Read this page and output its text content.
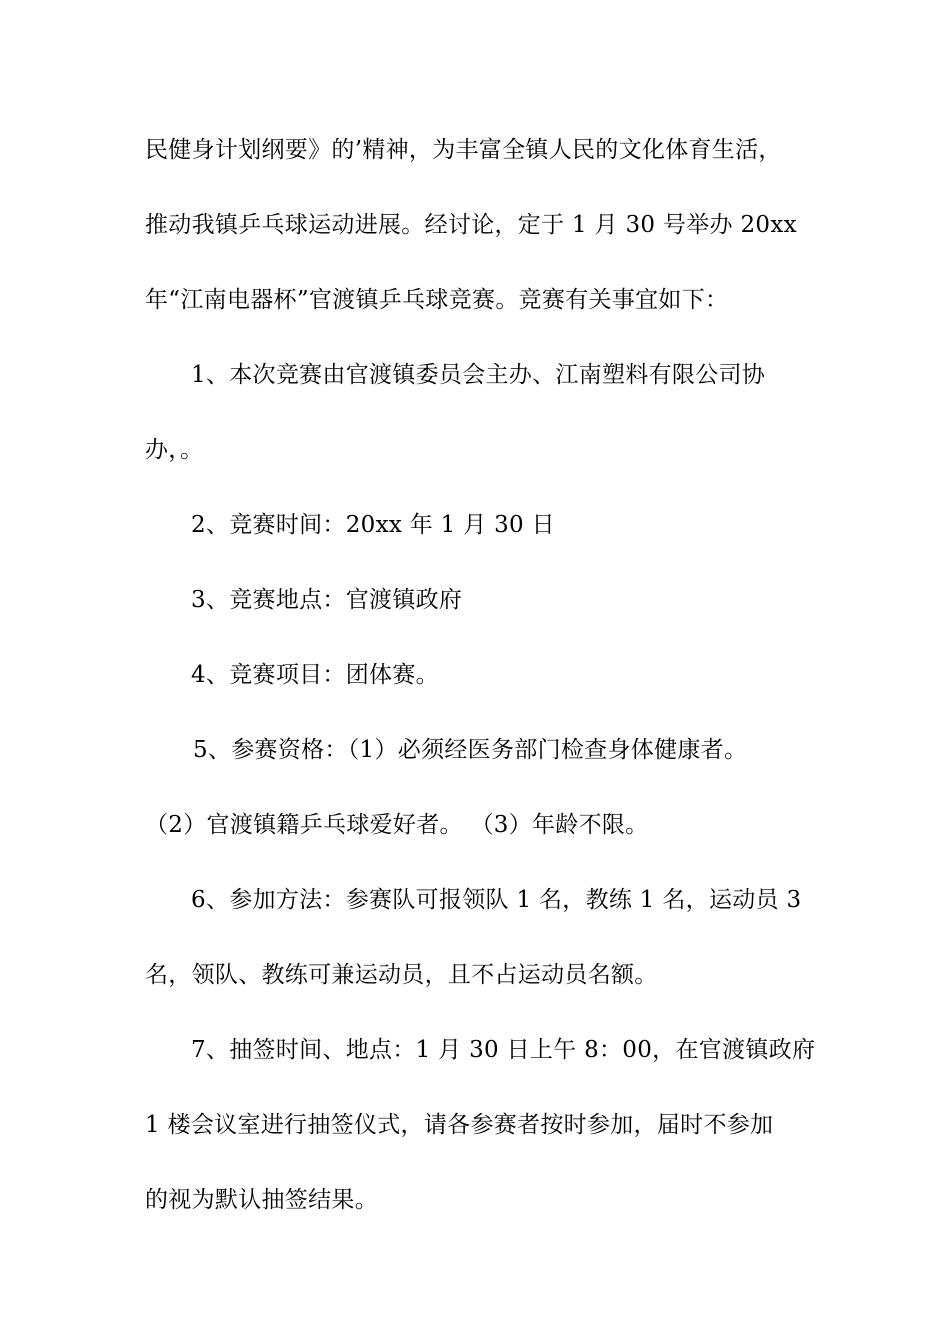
民健身计划纲要》的’精神，为丰富全镇人民的文化体育生活，
推动我镇乒乓球运动进展。经讨论，定于 1 月 30 号举办 20xx
年“江南电器杯”官渡镇乒乓球竞赛。竞赛有关事宜如下：
1、本次竞赛由官渡镇委员会主办、江南塑料有限公司协
办，。
2、竞赛时间：20xx 年 1 月 30 日
3、竞赛地点：官渡镇政府
4、竞赛项目：团体赛。
5、参赛资格：（1）必须经医务部门检查身体健康者。
（2）官渡镇籍乒乓球爱好者。 （3）年龄不限。
6、参加方法：参赛队可报领队 1 名，教练 1 名，运动员 3
名，领队、教练可兼运动员，且不占运动员名额。
7、抽签时间、地点：1 月 30 日上午 8：00，在官渡镇政府
1 楼会议室进行抽签仪式，请各参赛者按时参加，届时不参加
的视为默认抽签结果。
